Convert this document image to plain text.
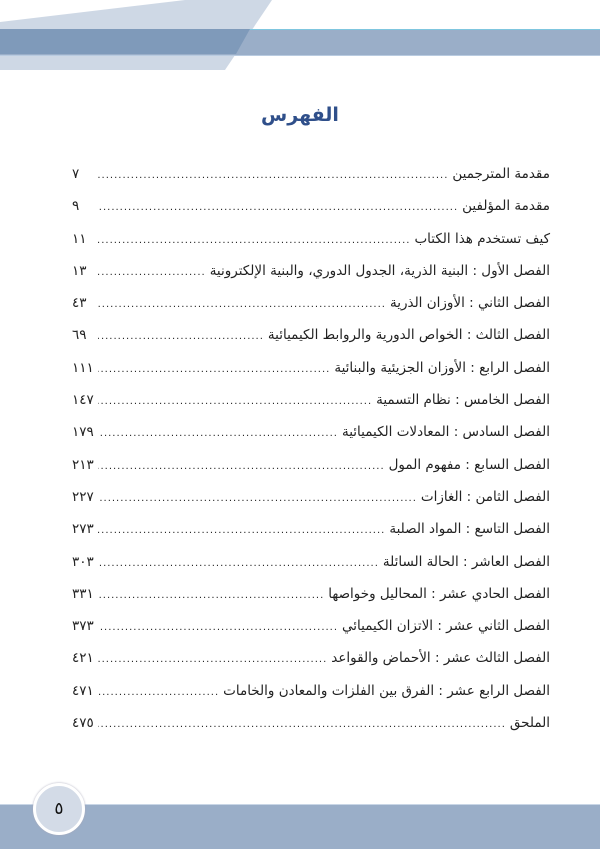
الفهرس
مقدمة المترجمين
.....
٧
مقدمة المؤلفين
.....
٩
كيف تستخدم هذا الكتاب
.....
١١
الفصل الأول : البنية الذرية، الجدول الدوري، والبنية الإلكترونية
.....
١٣
الفصل الثاني : الأوزان الذرية
.....
٤٣
الفصل الثالث : الخواص الدورية والروابط الكيميائية
.....
٦٩
الفصل الرابع : الأوزان الجزيئية والبنائية
.....
١١١
الفصل الخامس : نظام التسمية
.....
١٤٧
الفصل السادس : المعادلات الكيميائية
.....
١٧٩
الفصل السابع : مفهوم المول
.....
٢١٣
الفصل الثامن : الغازات
.....
٢٢٧
الفصل التاسع : المواد الصلبة
.....
٢٧٣
الفصل العاشر : الحالة السائلة
.....
٣٠٣
الفصل الحادي عشر : المحاليل وخواصها
.....
٣٣١
الفصل الثاني عشر : الاتزان الكيميائي
.....
٣٧٣
الفصل الثالث عشر : الأحماض والقواعد
.....
٤٢١
الفصل الرابع عشر : الفرق بين الفلزات والمعادن والخامات
.....
٤٧١
الملحق
.....
٤٧٥
٥
